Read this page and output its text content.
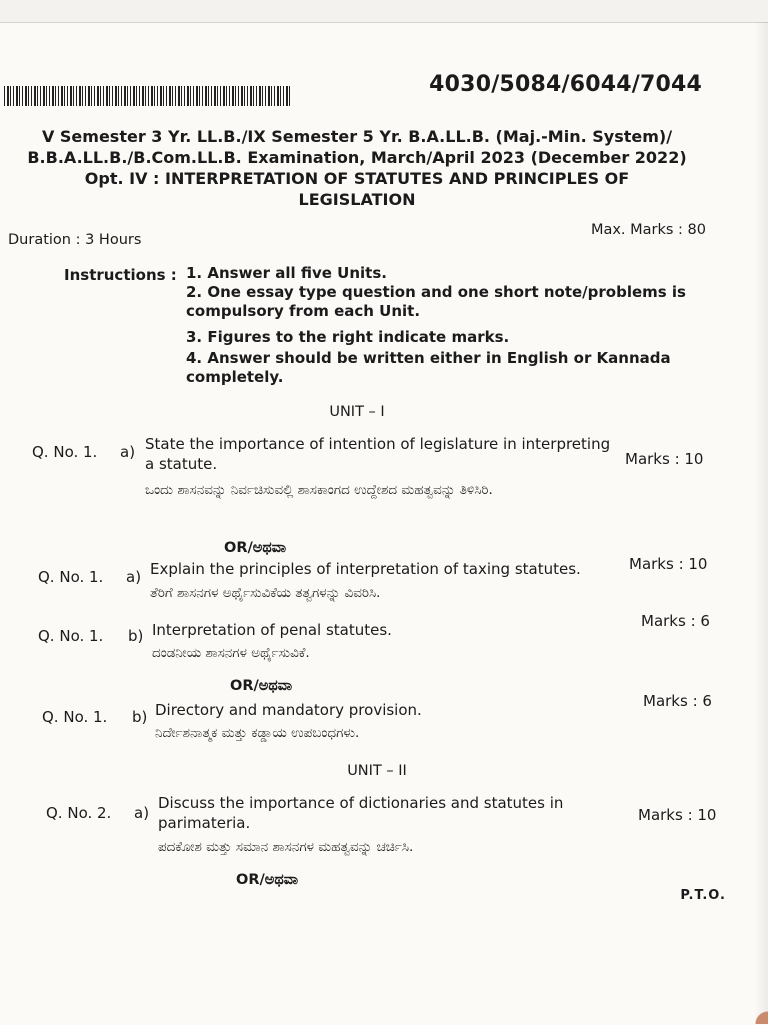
4030/5084/6044/7044
V Semester 3 Yr. LL.B./IX Semester 5 Yr. B.A.LL.B. (Maj.-Min. System)/
B.B.A.LL.B./B.Com.LL.B. Examination, March/April 2023 (December 2022)
Opt. IV : INTERPRETATION OF STATUTES AND PRINCIPLES OF
LEGISLATION
Duration : 3 Hours
Max. Marks : 80
Instructions : 1. Answer all five Units.
2. One essay type question and one short note/problems is compulsory from each Unit.
3. Figures to the right indicate marks.
4. Answer should be written either in English or Kannada completely.
UNIT – I
Q. No. 1. a) State the importance of intention of legislature in interpreting a statute.
ಒಂದು ಶಾಸನವನ್ನು ನಿರ್ವಚಿಸುವಲ್ಲಿ ಶಾಸಕಾಂಗದ ಉದ್ದೇಶದ ಮಹತ್ವವನ್ನು ತಿಳಿಸಿರಿ.
Marks : 10
OR/ಅಥವಾ
Q. No. 1. a) Explain the principles of interpretation of taxing statutes.
ತೆರಿಗೆ ಶಾಸನಗಳ ಅರ್ಥೈಸುವಿಕೆಯ ತತ್ವಗಳನ್ನು ವಿವರಿಸಿ.
Marks : 10
Q. No. 1. b) Interpretation of penal statutes.
ದಂಡನೀಯ ಶಾಸನಗಳ ಅರ್ಥೈಸುವಿಕೆ.
Marks : 6
OR/ಅಥವಾ
Q. No. 1. b) Directory and mandatory provision.
ನಿರ್ದೇಶನಾತ್ಮಕ ಮತ್ತು ಕಡ್ಡಾಯ ಉಪಬಂಧಗಳು.
Marks : 6
UNIT – II
Q. No. 2. a)
Discuss the importance of dictionaries and statutes in parimateria.
ಪದಕೋಶ ಮತ್ತು ಸಮಾನ ಶಾಸನಗಳ ಮಹತ್ವವನ್ನು ಚರ್ಚಿಸಿ.
Marks : 10
OR/ಅಥವಾ
P.T.O.
